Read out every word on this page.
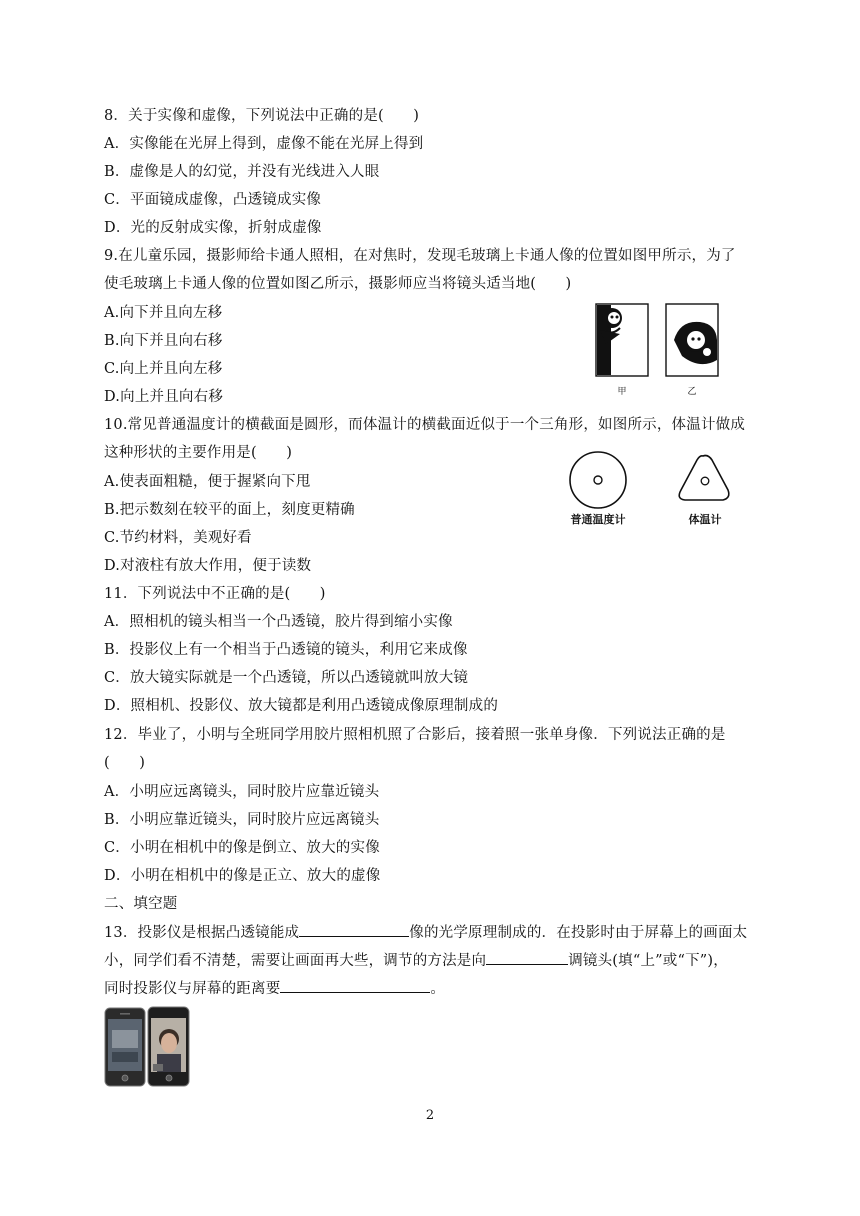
8．关于实像和虚像，下列说法中正确的是(　　)
A．实像能在光屏上得到，虚像不能在光屏上得到
B．虚像是人的幻觉，并没有光线进入人眼
C．平面镜成虚像，凸透镜成实像
D．光的反射成实像，折射成虚像
9.在儿童乐园，摄影师给卡通人照相，在对焦时，发现毛玻璃上卡通人像的位置如图甲所示，为了
使毛玻璃上卡通人像的位置如图乙所示，摄影师应当将镜头适当地(　　)
A.向下并且向左移
B.向下并且向右移
C.向上并且向左移
D.向上并且向右移	甲	乙
10.常见普通温度计的横截面是圆形，而体温计的横截面近似于一个三角形，如图所示，体温计做成
这种形状的主要作用是(　　)
A.使表面粗糙，便于握紧向下甩
B.把示数刻在较平的面上，刻度更精确
C.节约材料，美观好看
D.对液柱有放大作用，便于读数
普通温度计	体温计
11．下列说法中不正确的是(　　)
A．照相机的镜头相当一个凸透镜，胶片得到缩小实像
B．投影仪上有一个相当于凸透镜的镜头，利用它来成像
C．放大镜实际就是一个凸透镜，所以凸透镜就叫放大镜
D．照相机、投影仪、放大镜都是利用凸透镜成像原理制成的
12．毕业了，小明与全班同学用胶片照相机照了合影后，接着照一张单身像．下列说法正确的是
(　　)
A．小明应远离镜头，同时胶片应靠近镜头
B．小明应靠近镜头，同时胶片应远离镜头
C．小明在相机中的像是倒立、放大的实像
D．小明在相机中的像是正立、放大的虚像
二、填空题
13．投影仪是根据凸透镜能成	像的光学原理制成的．在投影时由于屏幕上的画面太
小，同学们看不清楚，需要让画面再大些，调节的方法是向	调镜头(填“上”或“下”)，
同时投影仪与屏幕的距离要	。
2
